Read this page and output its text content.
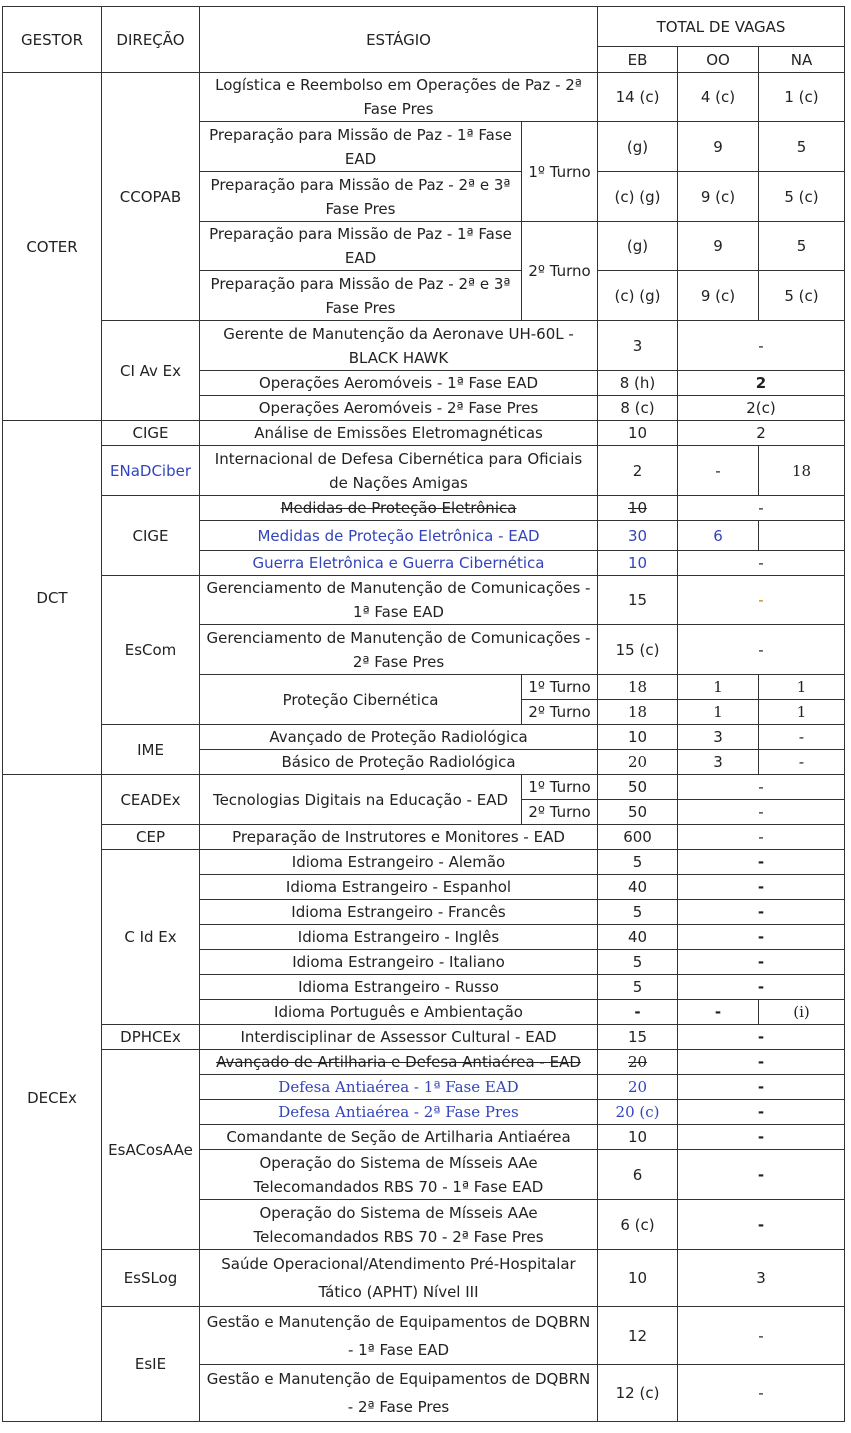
GESTOR	DIREÇÃO	ESTÁGIO		TOTAL DE VAGAS		
				EB	OO	NA
COTER	CCOPAB	Logística e Reembolso em Operações de Paz - 2ª Fase Pres		14 (c)	4 (c)	1 (c)
		Preparação para Missão de Paz - 1ª Fase EAD	1º Turno	(g)	9	5
		Preparação para Missão de Paz - 2ª e 3ª Fase Pres		(c) (g)	9 (c)	5 (c)
		Preparação para Missão de Paz - 1ª Fase EAD	2º Turno	(g)	9	5
		Preparação para Missão de Paz - 2ª e 3ª Fase Pres		(c) (g)	9 (c)	5 (c)
	CI Av Ex	Gerente de Manutenção da Aeronave UH-60L - BLACK HAWK		3	-	
		Operações Aeromóveis - 1ª Fase EAD		8 (h)	2	
		Operações Aeromóveis - 2ª Fase Pres		8 (c)	2(c)	
DCT	CIGE	Análise de Emissões Eletromagnéticas		10	2	
	ENaDCiber	Internacional de Defesa Cibernética para Oficiais de Nações Amigas		2	-	18
	CIGE	Medidas de Proteção Eletrônica		10	-	
		Medidas de Proteção Eletrônica - EAD		30	6	
		Guerra Eletrônica e Guerra Cibernética		10	-	
	EsCom	Gerenciamento de Manutenção de Comunicações - 1ª Fase EAD		15	-	
		Gerenciamento de Manutenção de Comunicações - 2ª Fase Pres		15 (c)	-	
		Proteção Cibernética	1º Turno	18	1	1
			2º Turno	18	1	1
	IME	Avançado de Proteção Radiológica		10	3	-
		Básico de Proteção Radiológica		20	3	-
DECEx	CEADEx	Tecnologias Digitais na Educação - EAD	1º Turno	50	-	
			2º Turno	50	-	
	CEP	Preparação de Instrutores e Monitores - EAD		600	-	
	C Id Ex	Idioma Estrangeiro - Alemão		5	-	
		Idioma Estrangeiro - Espanhol		40	-	
		Idioma Estrangeiro - Francês		5	-	
		Idioma Estrangeiro - Inglês		40	-	
		Idioma Estrangeiro - Italiano		5	-	
		Idioma Estrangeiro - Russo		5	-	
		Idioma Português e Ambientação		-	-	(i)
	DPHCEx	Interdisciplinar de Assessor Cultural - EAD		15	-	
	EsACosAAe	Avançado de Artilharia e Defesa Antiaérea - EAD		20	-	
		Defesa Antiaérea - 1ª Fase EAD		20	-	
		Defesa Antiaérea - 2ª Fase Pres		20 (c)	-	
		Comandante de Seção de Artilharia Antiaérea		10	-	
		Operação do Sistema de Mísseis AAe Telecomandados RBS 70 - 1ª Fase EAD		6	-	
		Operação do Sistema de Mísseis AAe Telecomandados RBS 70 - 2ª Fase Pres		6 (c)	-	
	EsSLog	Saúde Operacional/Atendimento Pré-Hospitalar Tático (APHT) Nível III		10	3	
	EsIE	Gestão e Manutenção de Equipamentos de DQBRN - 1ª Fase EAD		12	-	
		Gestão e Manutenção de Equipamentos de DQBRN - 2ª Fase Pres		12 (c)	-	
